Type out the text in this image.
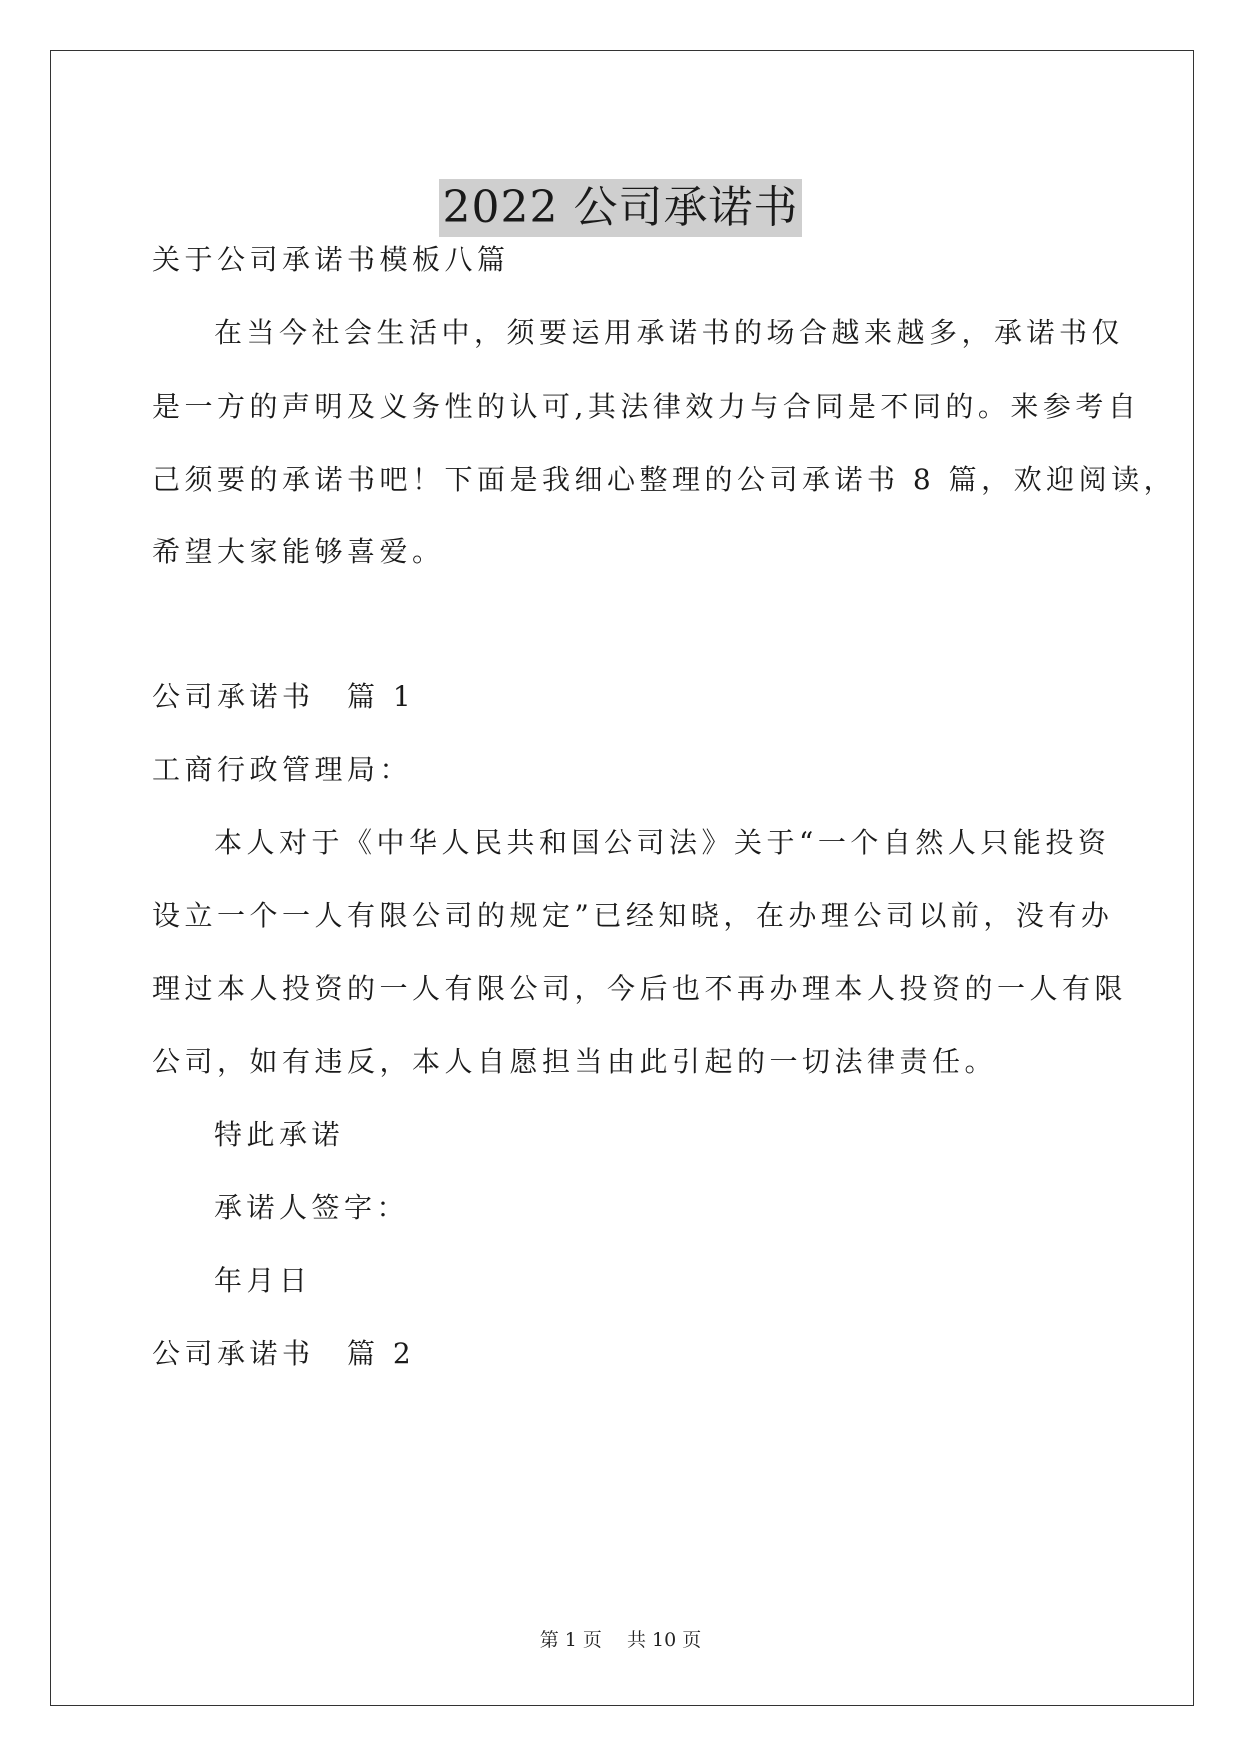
2022 公司承诺书
关于公司承诺书模板八篇
在当今社会生活中，须要运用承诺书的场合越来越多，承诺书仅
是一方的声明及义务性的认可,其法律效力与合同是不同的。来参考自
己须要的承诺书吧！下面是我细心整理的公司承诺书 8 篇，欢迎阅读，
希望大家能够喜爱。
公司承诺书　篇 1
工商行政管理局：
本人对于《中华人民共和国公司法》关于“一个自然人只能投资
设立一个一人有限公司的规定”已经知晓，在办理公司以前，没有办
理过本人投资的一人有限公司，今后也不再办理本人投资的一人有限
公司，如有违反，本人自愿担当由此引起的一切法律责任。
特此承诺
承诺人签字：
年月日
公司承诺书　篇 2
第 1 页　 共 10 页
